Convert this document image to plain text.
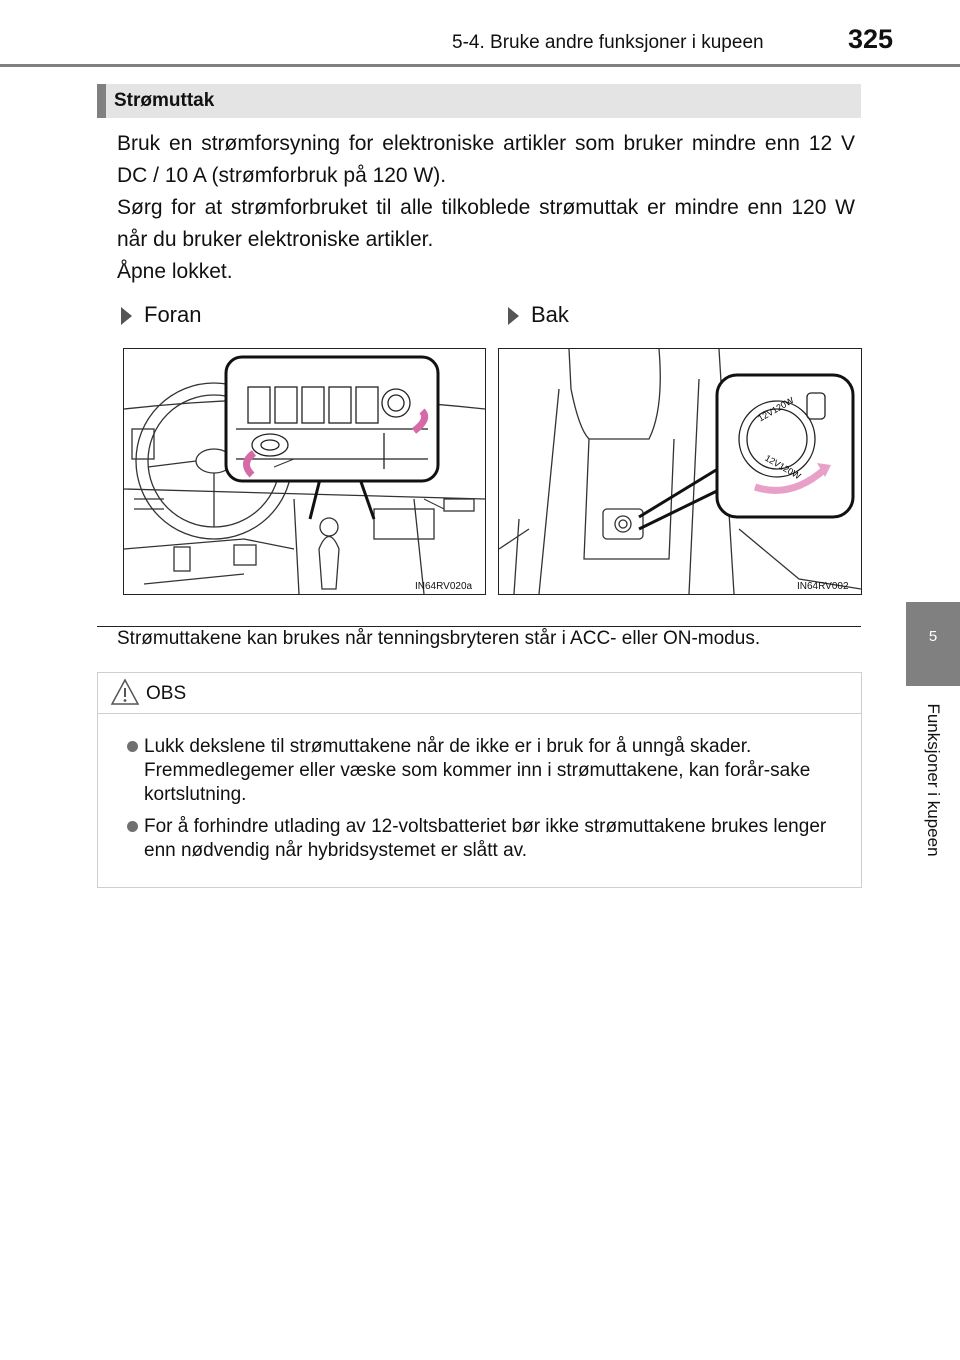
5-4. Bruke andre funksjoner i kupeen	325
5
Funksjoner i kupeen
Strømuttak
Bruk en strømforsyning for elektroniske artikler som bruker mindre enn 12 V DC / 10 A (strømforbruk på 120 W).
Sørg for at strømforbruket til alle tilkoblede strømuttak er mindre enn 120 W når du bruker elektroniske artikler.
Åpne lokket.
Foran	Bak
IN64RV020a
12V120W
12V120W
IN64RV002
Strømuttakene kan brukes når tenningsbryteren står i ACC- eller ON-modus.
OBS
Lukk dekslene til strømuttakene når de ikke er i bruk for å unngå skader. Fremmedlegemer eller væske som kommer inn i strømuttakene, kan forår-sake kortslutning.
For å forhindre utlading av 12-voltsbatteriet bør ikke strømuttakene brukes lenger enn nødvendig når hybridsystemet er slått av.
